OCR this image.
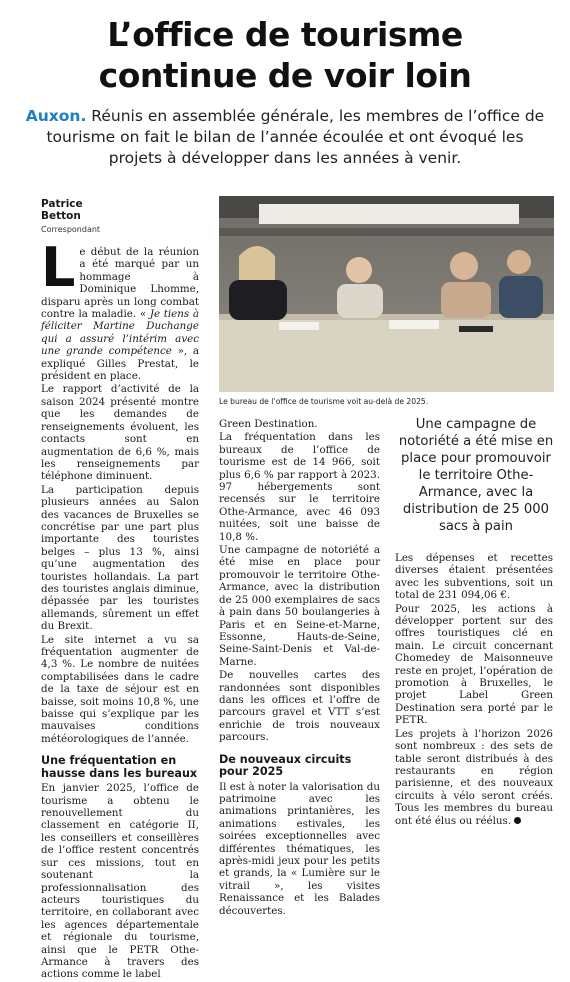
L’office de tourisme
continue de voir loin
Auxon. Réunis en assemblée générale, les membres de l’office de tourisme on fait le bilan de l’année écoulée et ont évoqué les projets à développer dans les années à venir.
Patrice
Betton
Correspondant

Le début de la réunion a été marqué par un hommage à Dominique Lhomme, disparu après un long combat contre la maladie. « Je tiens à féliciter Martine Duchange qui a assuré l’intérim avec une grande compétence », a expliqué Gilles Prestat, le président en place.

Le rapport d’activité de la saison 2024 présenté montre que les demandes de renseignements évoluent, les contacts sont en augmentation de 6,6 %, mais les renseignements par téléphone diminuent.

La participation depuis plusieurs années au Salon des vacances de Bruxelles se concrétise par une part plus importante des touristes belges – plus 13 %, ainsi qu’une augmentation des touristes hollandais. La part des touristes anglais diminue, dépassée par les touristes allemands, sûrement un effet du Brexit.

Le site internet a vu sa fréquentation augmenter de 4,3 %. Le nombre de nuitées comptabilisées dans le cadre de la taxe de séjour est en baisse, soit moins 10,8 %, une baisse qui s’explique par les mauvaises conditions météorologiques de l’année.

Une fréquentation en hausse dans les bureaux

En janvier 2025, l’office de tourisme a obtenu le renouvellement du classement en catégorie II, les conseillers et conseillères de l’office restent concentrés sur ces missions, tout en soutenant la professionnalisation des acteurs touristiques du territoire, en collaborant avec les agences départementale et régionale du tourisme, ainsi que le PETR Othe-Armance à travers des actions comme le label

Le bureau de l’office de tourisme voit au-delà de 2025.

Green Destination.

La fréquentation dans les bureaux de l’office de tourisme est de 14 966, soit plus 6,6 % par rapport à 2023. 97 hébergements sont recensés sur le territoire Othe-Armance, avec 46 093 nuitées, soit une baisse de 10,8 %.

Une campagne de notoriété a été mise en place pour promouvoir le territoire Othe-Armance, avec la distribution de 25 000 exemplaires de sacs à pain dans 50 boulangeries à Paris et en Seine-et-Marne, Essonne, Hauts-de-Seine, Seine-Saint-Denis et Val-de-Marne.

De nouvelles cartes des randonnées sont disponibles dans les offices et l’offre de parcours gravel et VTT s’est enrichie de trois nouveaux parcours.

De nouveaux circuits pour 2025

Il est à noter la valorisation du patrimoine avec les animations printanières, les animations estivales, les soirées exceptionnelles avec différentes thématiques, les après-midi jeux pour les petits et grands, la « Lumière sur le vitrail », les visites Renaissance et les Balades découvertes.

Une campagne de notoriété a été mise en place pour promouvoir le territoire Othe-Armance, avec la distribution de 25 000 sacs à pain

Les dépenses et recettes diverses étaient présentées avec les subventions, soit un total de 231 094,06 €.

Pour 2025, les actions à développer portent sur des offres touristiques clé en main. Le circuit concernant Chomedey de Maisonneuve reste en projet, l’opération de promotion à Bruxelles, le projet Label Green Destination sera porté par le PETR.

Les projets à l’horizon 2026 sont nombreux : des sets de table seront distribués à des restaurants en région parisienne, et des nouveaux circuits à vélo seront créés. Tous les membres du bureau ont été élus ou réélus.
